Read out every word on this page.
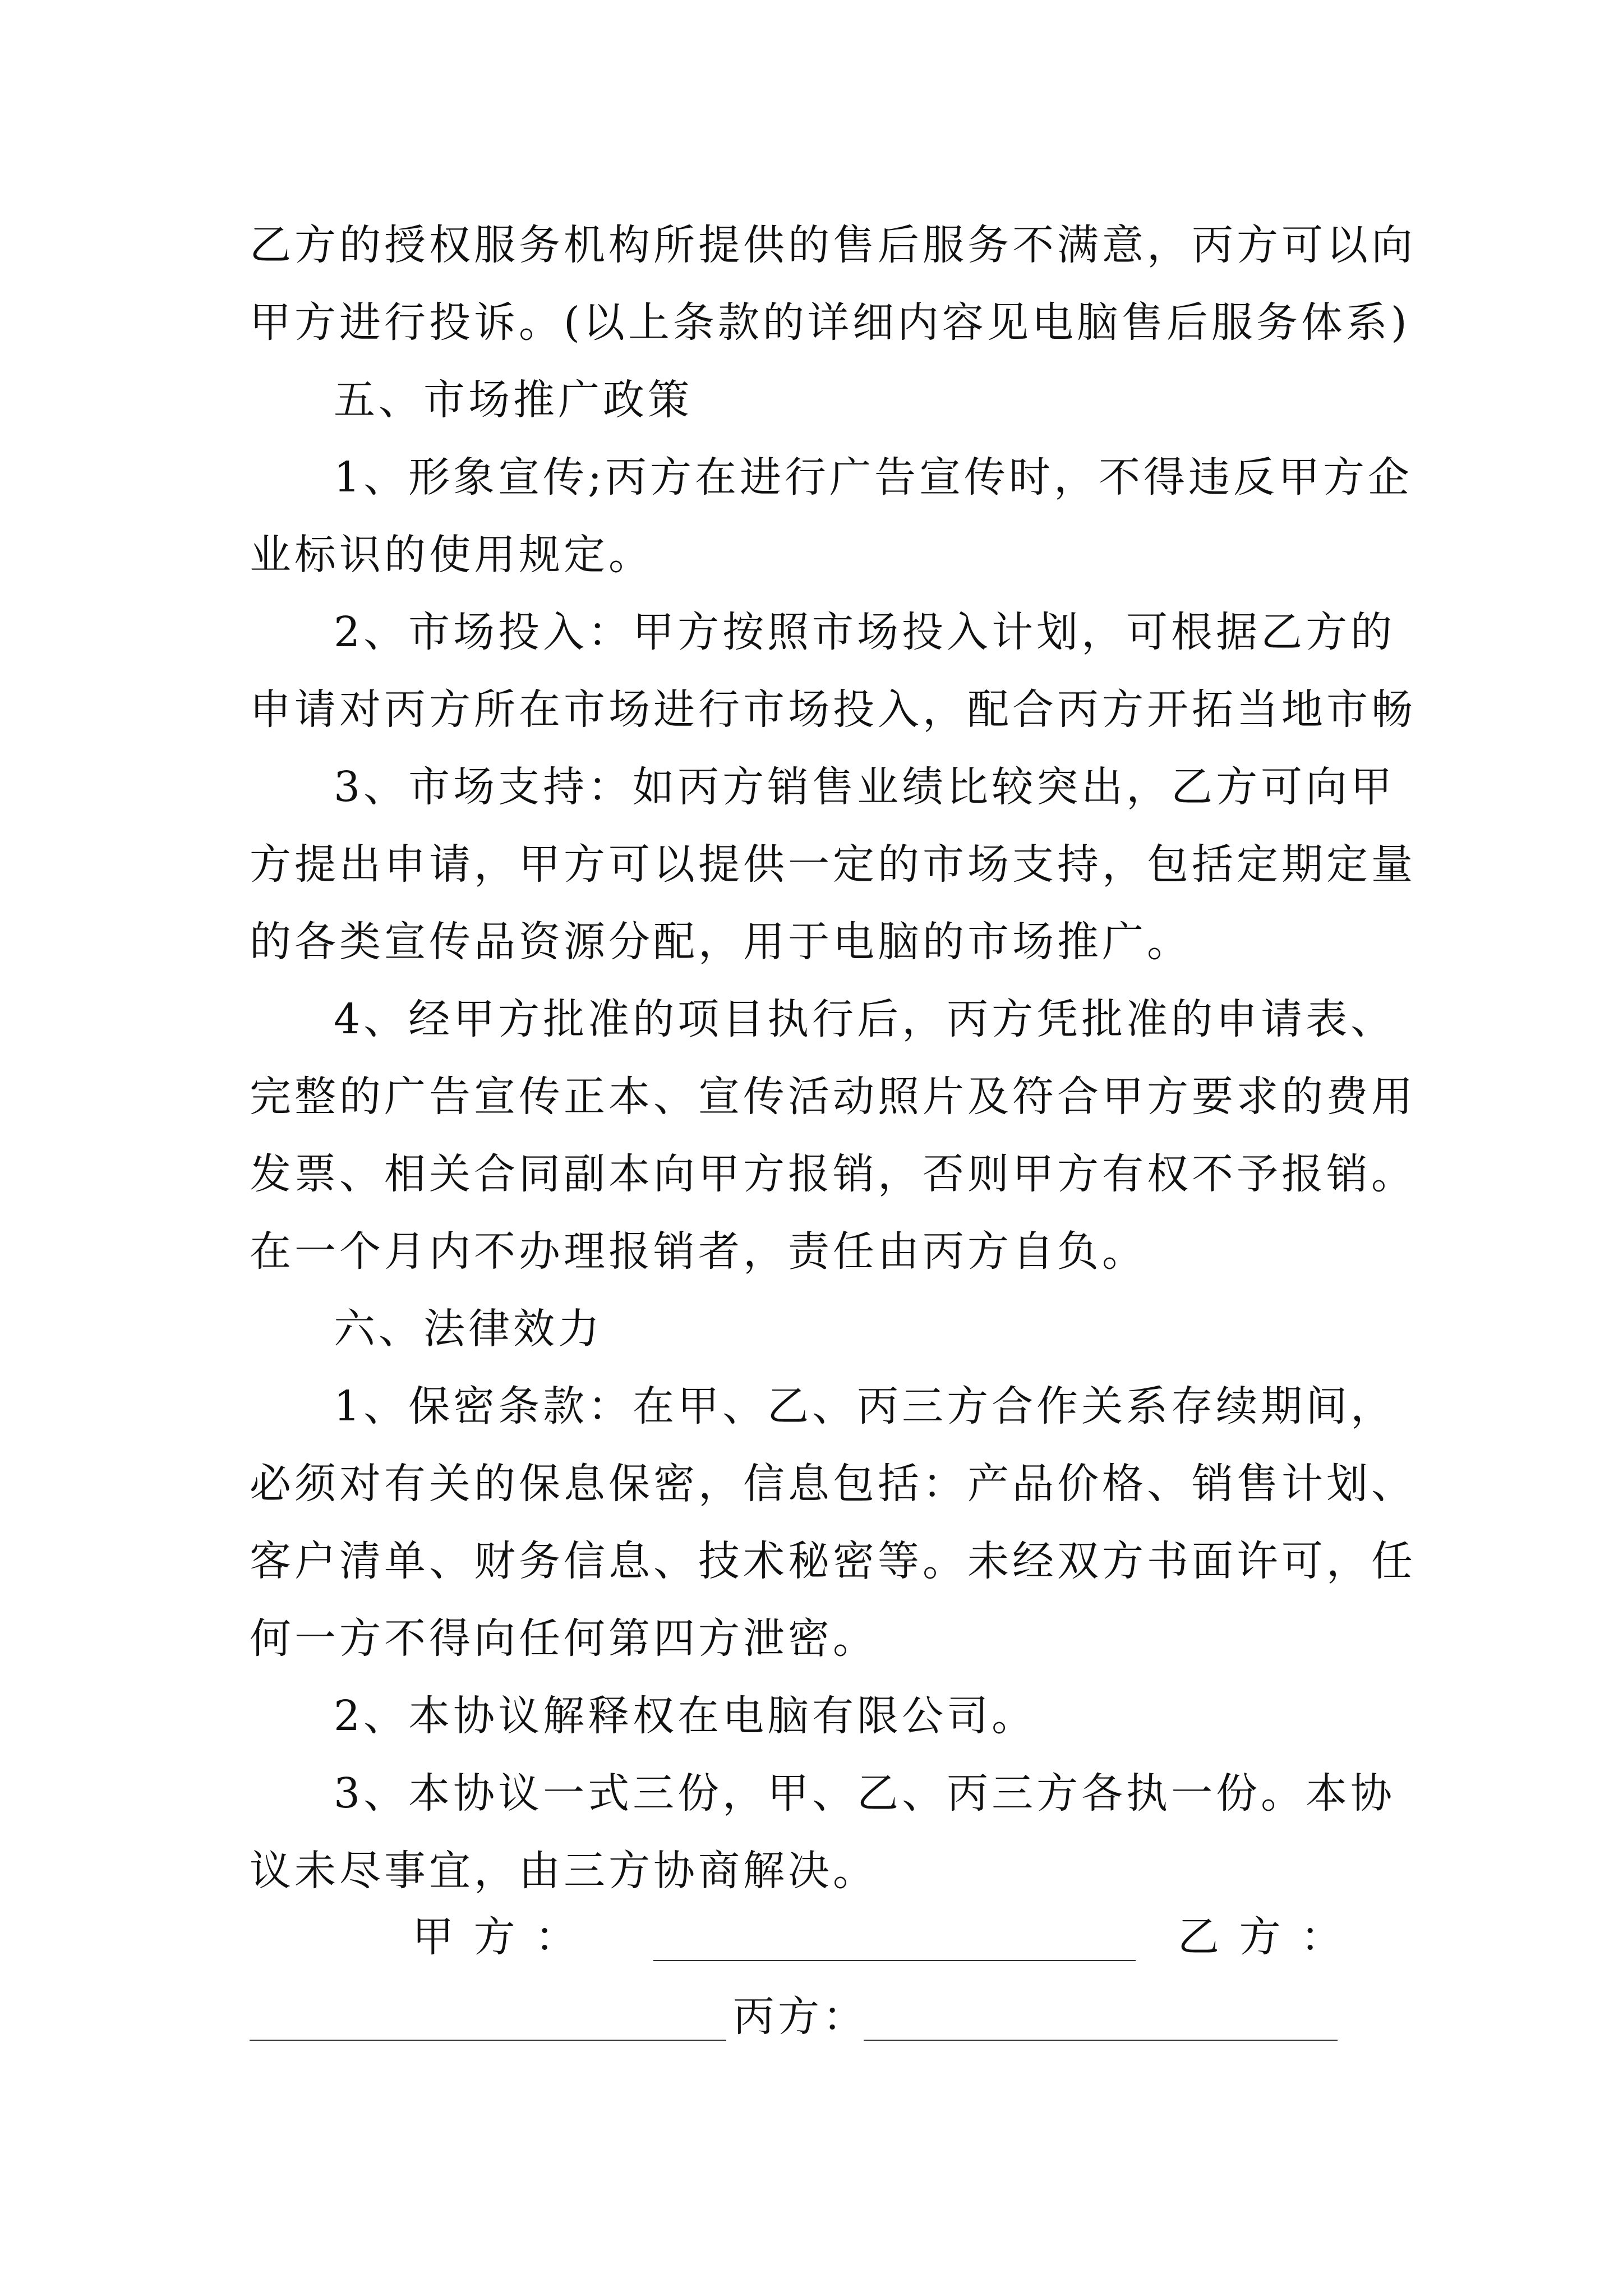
乙方的授权服务机构所提供的售后服务不满意，丙方可以向
甲方进行投诉。(以上条款的详细内容见电脑售后服务体系)
五、市场推广政策
1、形象宣传;丙方在进行广告宣传时，不得违反甲方企
业标识的使用规定。
2、市场投入：甲方按照市场投入计划，可根据乙方的
申请对丙方所在市场进行市场投入，配合丙方开拓当地市畅
3、市场支持：如丙方销售业绩比较突出，乙方可向甲
方提出申请，甲方可以提供一定的市场支持，包括定期定量
的各类宣传品资源分配，用于电脑的市场推广。
4、经甲方批准的项目执行后，丙方凭批准的申请表、
完整的广告宣传正本、宣传活动照片及符合甲方要求的费用
发票、相关合同副本向甲方报销，否则甲方有权不予报销。
在一个月内不办理报销者，责任由丙方自负。
六、法律效力
1、保密条款：在甲、乙、丙三方合作关系存续期间，
必须对有关的保息保密，信息包括：产品价格、销售计划、
客户清单、财务信息、技术秘密等。未经双方书面许可，任
何一方不得向任何第四方泄密。
2、本协议解释权在电脑有限公司。
3、本协议一式三份，甲、乙、丙三方各执一份。本协
议未尽事宜，由三方协商解决。
甲 方 ：	乙 方 ：
丙方：
